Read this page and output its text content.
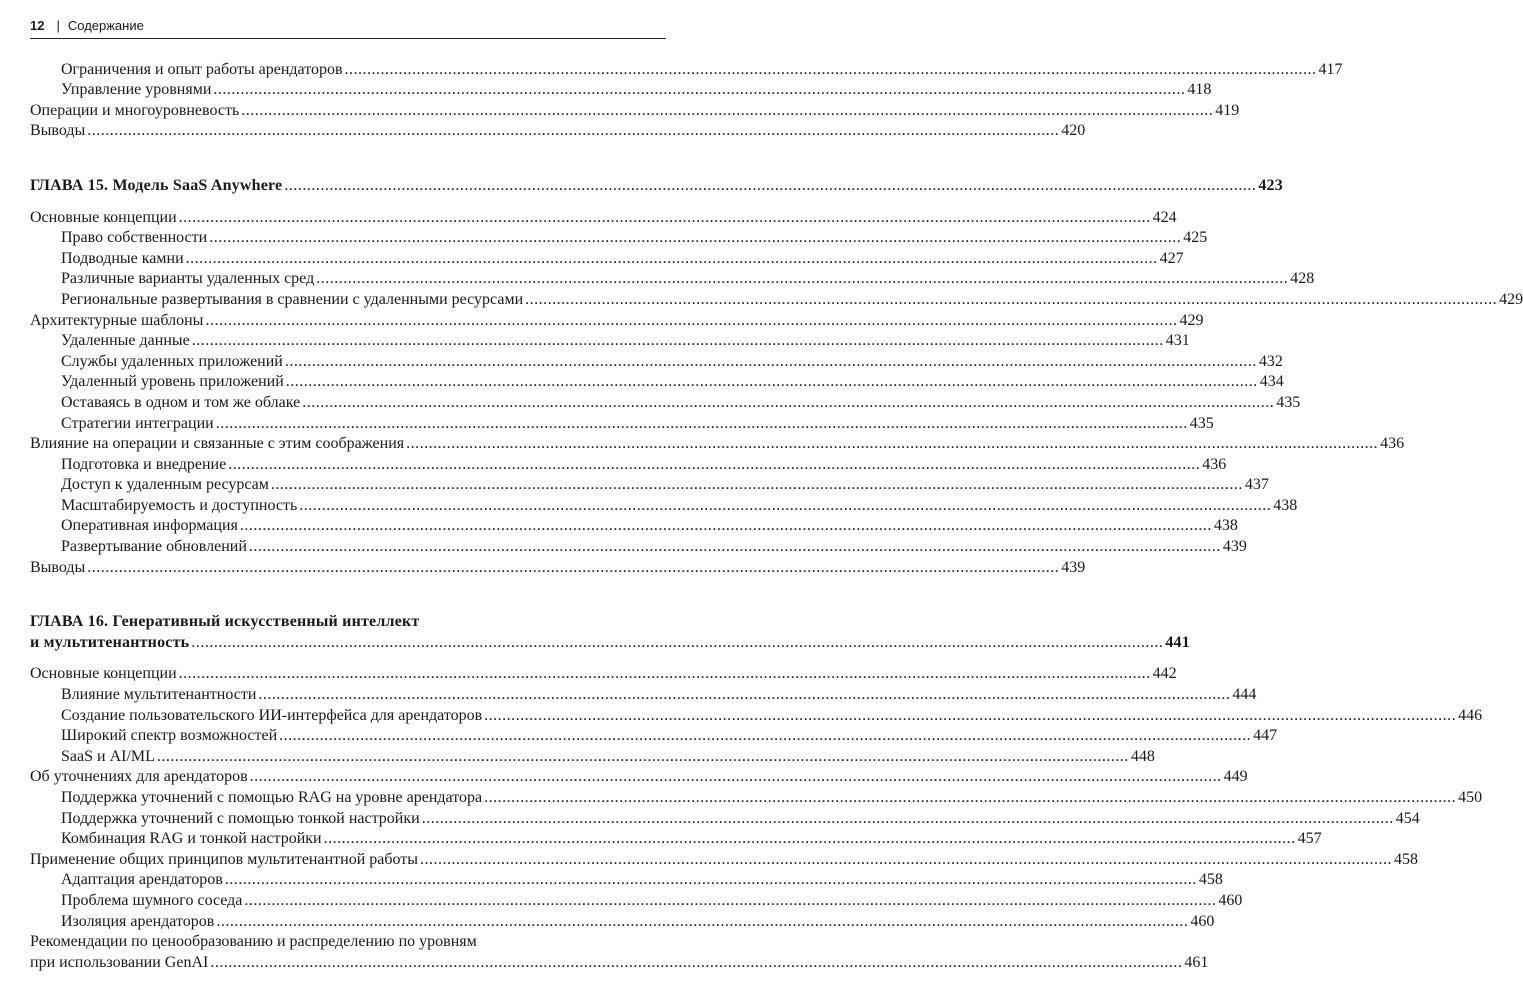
12 | Содержание
Ограничения и опыт работы арендаторов .....	417
Управление уровнями .....	418
Операции и многоуровневость .....	419
Выводы .....	420
ГЛАВА 15. Модель SaaS Anywhere .....	423
Основные концепции .....	424
Право собственности .....	425
Подводные камни .....	427
Различные варианты удаленных сред .....	428
Региональные развертывания в сравнении с удаленными ресурсами .....	429
Архитектурные шаблоны .....	429
Удаленные данные .....	431
Службы удаленных приложений .....	432
Удаленный уровень приложений .....	434
Оставаясь в одном и том же облаке .....	435
Стратегии интеграции .....	435
Влияние на операции и связанные с этим соображения .....	436
Подготовка и внедрение .....	436
Доступ к удаленным ресурсам .....	437
Масштабируемость и доступность .....	438
Оперативная информация .....	438
Развертывание обновлений .....	439
Выводы .....	439
ГЛАВА 16. Генеративный искусственный интеллект
и мультитенантность .....	441
Основные концепции .....	442
Влияние мультитенантности .....	444
Создание пользовательского ИИ-интерфейса для арендаторов .....	446
Широкий спектр возможностей .....	447
SaaS и AI/ML .....	448
Об уточнениях для арендаторов .....	449
Поддержка уточнений с помощью RAG на уровне арендатора .....	450
Поддержка уточнений с помощью тонкой настройки .....	454
Комбинация RAG и тонкой настройки .....	457
Применение общих принципов мультитенантной работы .....	458
Адаптация арендаторов .....	458
Проблема шумного соседа .....	460
Изоляция арендаторов .....	460
Рекомендации по ценообразованию и распределению по уровням
при использовании GenAI .....	461
